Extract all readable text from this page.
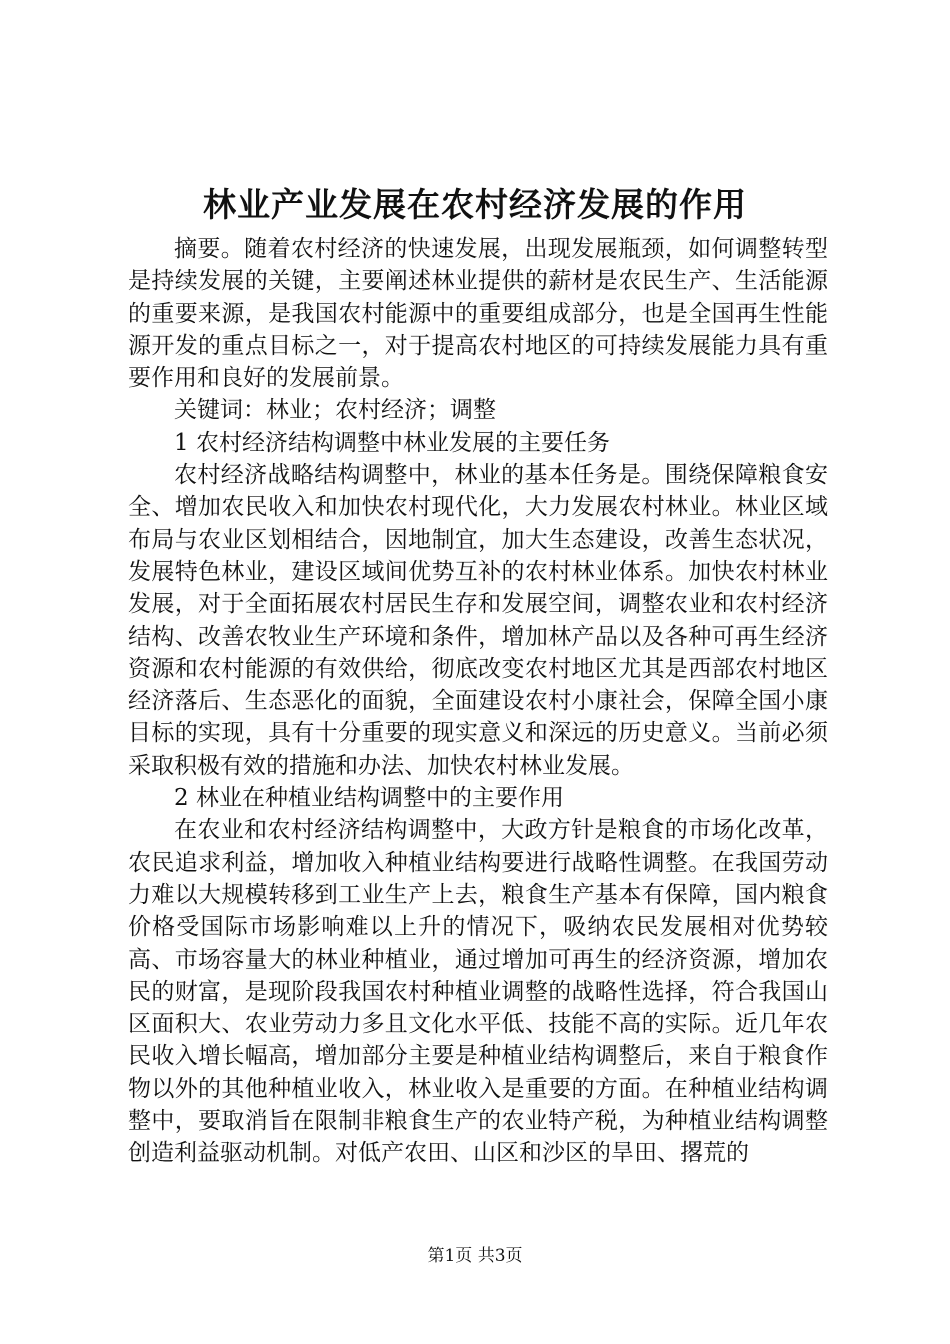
林业产业发展在农村经济发展的作用

摘要。随着农村经济的快速发展，出现发展瓶颈，如何调整转型是持续发展的关键，主要阐述林业提供的薪材是农民生产、生活能源的重要来源，是我国农村能源中的重要组成部分，也是全国再生性能源开发的重点目标之一，对于提高农村地区的可持续发展能力具有重要作用和良好的发展前景。

关键词：林业；农村经济；调整

1 农村经济结构调整中林业发展的主要任务

农村经济战略结构调整中，林业的基本任务是。围绕保障粮食安全、增加农民收入和加快农村现代化，大力发展农村林业。林业区域布局与农业区划相结合，因地制宜，加大生态建设，改善生态状况，发展特色林业，建设区域间优势互补的农村林业体系。加快农村林业发展，对于全面拓展农村居民生存和发展空间，调整农业和农村经济结构、改善农牧业生产环境和条件，增加林产品以及各种可再生经济资源和农村能源的有效供给，彻底改变农村地区尤其是西部农村地区经济落后、生态恶化的面貌，全面建设农村小康社会，保障全国小康目标的实现，具有十分重要的现实意义和深远的历史意义。当前必须采取积极有效的措施和办法、加快农村林业发展。

2 林业在种植业结构调整中的主要作用

在农业和农村经济结构调整中，大政方针是粮食的市场化改革，农民追求利益，增加收入种植业结构要进行战略性调整。在我国劳动力难以大规模转移到工业生产上去，粮食生产基本有保障，国内粮食价格受国际市场影响难以上升的情况下，吸纳农民发展相对优势较高、市场容量大的林业种植业，通过增加可再生的经济资源，增加农民的财富，是现阶段我国农村种植业调整的战略性选择，符合我国山区面积大、农业劳动力多且文化水平低、技能不高的实际。近几年农民收入增长幅高，增加部分主要是种植业结构调整后，来自于粮食作物以外的其他种植业收入，林业收入是重要的方面。在种植业结构调整中，要取消旨在限制非粮食生产的农业特产税，为种植业结构调整创造利益驱动机制。对低产农田、山区和沙区的旱田、撂荒的

第1页 共3页
